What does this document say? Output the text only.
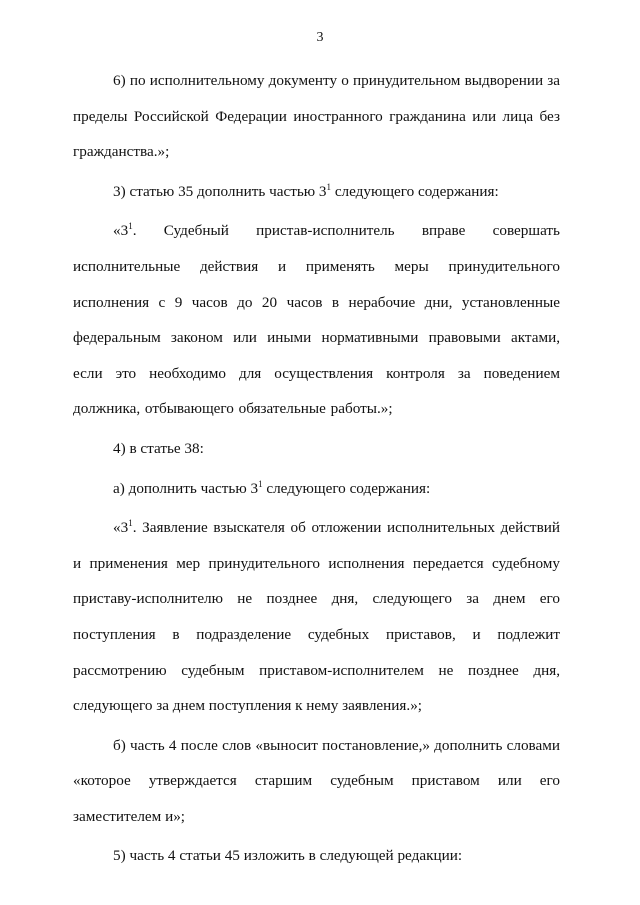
3

6) по исполнительному документу о принудительном выдворении за пределы Российской Федерации иностранного гражданина или лица без гражданства.»;

3) статью 35 дополнить частью $3^1$ следующего содержания:

«$3^1$. Судебный пристав-исполнитель вправе совершать исполнительные действия и применять меры принудительного исполнения с 9 часов до 20 часов в нерабочие дни, установленные федеральным законом или иными нормативными правовыми актами, если это необходимо для осуществления контроля за поведением должника, отбывающего обязательные работы.»;

4) в статье 38:

а) дополнить частью $3^1$ следующего содержания:

«$3^1$. Заявление взыскателя об отложении исполнительных действий и применения мер принудительного исполнения передается судебному приставу-исполнителю не позднее дня, следующего за днем его поступления в подразделение судебных приставов, и подлежит рассмотрению судебным приставом-исполнителем не позднее дня, следующего за днем поступления к нему заявления.»;

б) часть 4 после слов «выносит постановление,» дополнить словами «которое утверждается старшим судебным приставом или его заместителем и»;

5) часть 4 статьи 45 изложить в следующей редакции:
